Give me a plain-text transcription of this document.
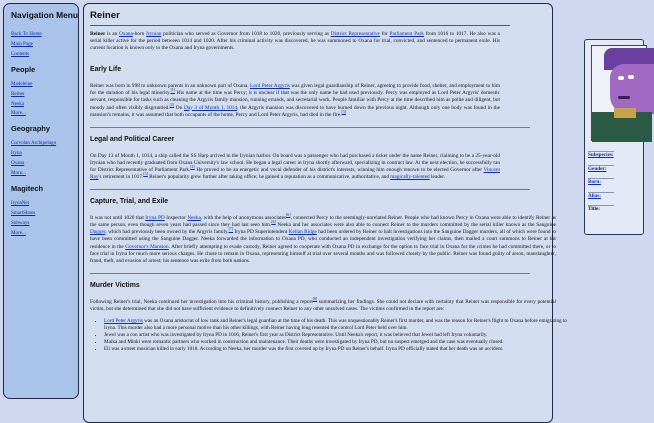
Navigation Menu
Back To Home
Main Page
Contents
People
Madeleine
Reiner
Neeka
More...
Geography
Corvolan Archipelago
Iryna
Oxana
More...
Magitech
IrynaNet
SmartShoes
Subways
More...
Reiner

Reiner is an Oxana-born Irynian politician who served as Governor from 1018 to 1020, previously serving as District Representative for Parliament Park from 1016 to 1017. He also was a serial killer active for the period between 1014 and 1020. After his criminal activity was discovered, he was summoned to Oxana for trial, convicted, and sentenced to permanent exile. His current location is known only to the Oxana and Iryna governments.

Early Life

Reiner was born in 998 to unknown parents in an unknown part of Oxana. Lord Peter Argyris was given legal guardianship of Reiner, agreeing to provide food, shelter, and employment to him for the duration of his legal minority.[1] His name at the time was Percy; it is unclear if that was the only name he had used previously. Percy was employed as Lord Peter Argyris' domestic servant, responsible for tasks such as cleaning the Argyris family mansion, running errands, and secretarial work. People familiar with Percy at the time described him as polite and diligent, but moody and often visibly disgruntled.[2] On Day 3 of Month 1, 1014, the Argyris mansion was discovered to have burned down the previous night. Although only one body was found in the mansion's remains, it was assumed that both occupants of the home, Percy and Lord Peter Argyris, had died in the fire.[3]

Legal and Political Career

On Day 13 of Month 1, 1014, a ship called the SS Harp arrived in the Irynian harbor. On board was a passenger who had purchased a ticket under the name Reiner, claiming to be a 25-year-old Irynian who had recently graduated from Oxana University's law school. He began a legal career in Iryna shortly afterward, specializing in contract law. At the next election, he successfully ran for District Representative of Parliament Park.[4] He proved to be an energetic and vocal defender of his district's interests, winning him enough renown to be elected Governor after Vincent Ray's retirement in 1017.[5] Reiner's popularity grew further after taking office; he gained a reputation as a communicative, authoritative, and magically-talented leader.

Capture, Trial, and Exile

It was not until 1020 that Iryna PD Inspector Neeka, with the help of anonymous associates[6], connected Percy to the seemingly-unrelated Reiner. People who had known Percy in Oxana were able to identify Reiner as the same person, even though seven years had passed since they had last seen him.[6] Neeka and her associates were also able to connect Reiner to the murders committed by the serial killer known as the Sanguine Dagger, which had previously been owned by the Argyris family.[7] Iryna PD Superintendent Kellan Ridge had been ordered by Reiner to halt investigations into the Sanguine Dagger murders, all of which were found to have been committed using the Sanguine Dagger. Neeka forwarded the information to Oxana PD, who conducted an independent investigation verifying her claims, then mailed a court summons to Reiner at his residence in the Governor's Mansion. After briefly attempting to evade custody, Reiner agreed to cooperate with Oxana PD in exchange for the option to face trial in Oxana for the crimes he had committed there, or to face trial in Iryna for much more serious charges. He chose to remain in Oxana, representing himself at trial over several months and was followed closely by the public. Reiner was found guilty of arson, manslaughter, fraud, theft, and evasion of arrest; his sentence was exile from both nations.

Murder Victims

Following Reiner's trial, Neeka continued her investigation into his criminal history, publishing a report[8] summarizing her findings. She could not declare with certainty that Reiner was responsible for every potential victim, but she determined that she did not have sufficient evidence to definitively connect Reiner to any other unsolved cases. The victims confirmed in the report are:

• Lord Peter Argyris was an Oxana aristocrat of low rank and Reiner's legal guardian at the time of his death. This was unquestionably Reiner's first murder, and was the reason for Reiner's flight to Oxana before emigrating to Iryna. This murder also had a more personal motive than his other killings, with Reiner having long resented the control Lord Peter held over him.
• Jewel was a con artist who was investigated by Iryna PD in 1016, Reiner's first year as District Representative. Until Neeka's report, it was believed that Jewel had left Iryna voluntarily.
• Maika and Minki were romantic partners who worked in construction and maintenance. Their deaths were investigated by Iryna PD, but no suspect emerged and the case was eventually closed.
• Eli was a street musician killed in early 1018. According to Neeka, her murder was the first covered up by Iryna PD on Reiner's behalf. Iryna PD officially stated that her death was an accident.
Subspecies:
Gender:
Born:
Alias:
Title:
